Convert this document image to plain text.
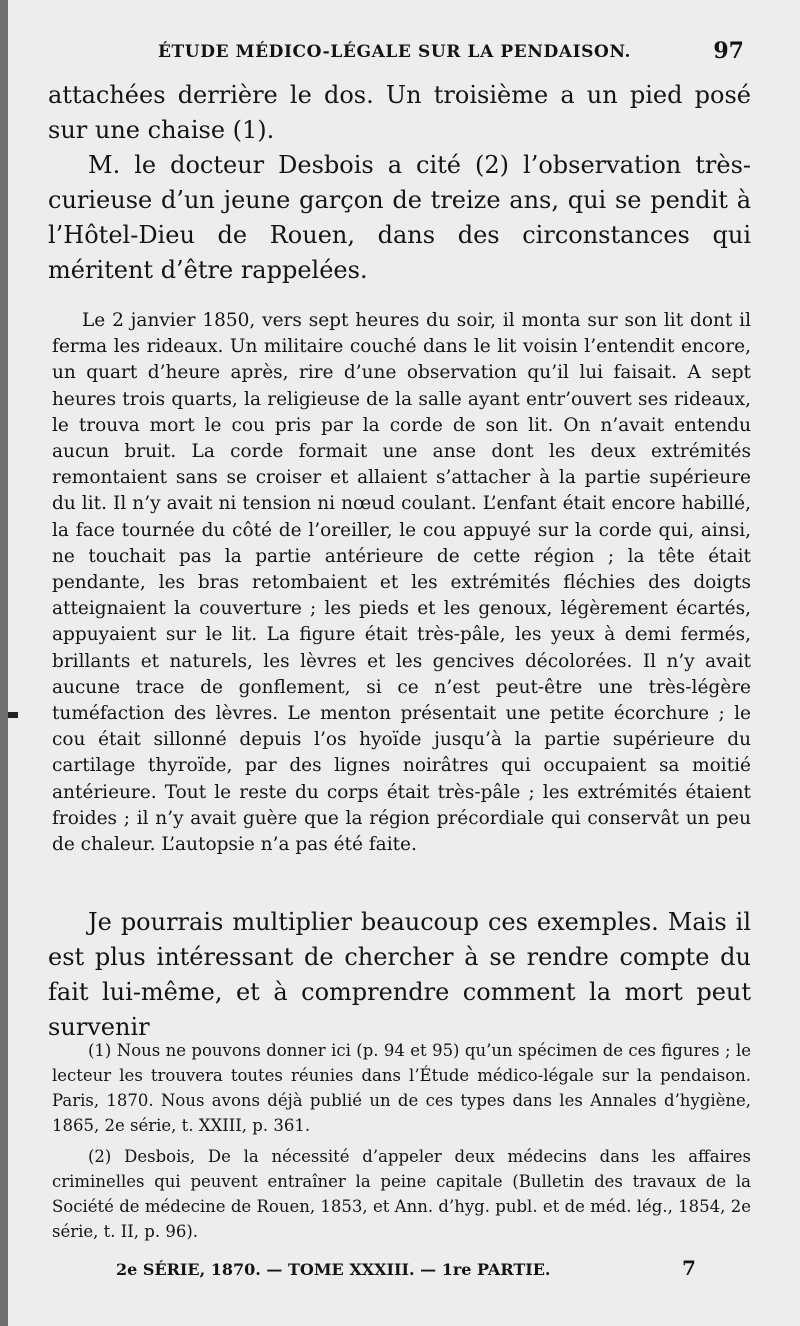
ÉTUDE MÉDICO-LÉGALE SUR LA PENDAISON.	97

attachées derrière le dos. Un troisième a un pied posé sur une chaise (1).

M. le docteur Desbois a cité (2) l’observation très-curieuse d’un jeune garçon de treize ans, qui se pendit à l’Hôtel-Dieu de Rouen, dans des circonstances qui méritent d’être rappelées.

Le 2 janvier 1850, vers sept heures du soir, il monta sur son lit dont il ferma les rideaux. Un militaire couché dans le lit voisin l’entendit encore, un quart d’heure après, rire d’une observation qu’il lui faisait. A sept heures trois quarts, la religieuse de la salle ayant entr’ouvert ses rideaux, le trouva mort le cou pris par la corde de son lit. On n’avait entendu aucun bruit. La corde formait une anse dont les deux extrémités remontaient sans se croiser et allaient s’attacher à la partie supérieure du lit. Il n’y avait ni tension ni nœud coulant. L’enfant était encore habillé, la face tournée du côté de l’oreiller, le cou appuyé sur la corde qui, ainsi, ne touchait pas la partie antérieure de cette région ; la tête était pendante, les bras retombaient et les extrémités fléchies des doigts atteignaient la couverture ; les pieds et les genoux, légèrement écartés, appuyaient sur le lit. La figure était très-pâle, les yeux à demi fermés, brillants et naturels, les lèvres et les gencives décolorées. Il n’y avait aucune trace de gonflement, si ce n’est peut-être une très-légère tuméfaction des lèvres. Le menton présentait une petite écorchure ; le cou était sillonné depuis l’os hyoïde jusqu’à la partie supérieure du cartilage thyroïde, par des lignes noirâtres qui occupaient sa moitié antérieure. Tout le reste du corps était très-pâle ; les extrémités étaient froides ; il n’y avait guère que la région précordiale qui conservât un peu de chaleur. L’autopsie n’a pas été faite.

Je pourrais multiplier beaucoup ces exemples. Mais il est plus intéressant de chercher à se rendre compte du fait lui-même, et à comprendre comment la mort peut survenir

(1) Nous ne pouvons donner ici (p. 94 et 95) qu’un spécimen de ces figures ; le lecteur les trouvera toutes réunies dans l’Étude médico-légale sur la pendaison. Paris, 1870. Nous avons déjà publié un de ces types dans les Annales d’hygiène, 1865, 2e série, t. XXIII, p. 361.

(2) Desbois, De la nécessité d’appeler deux médecins dans les affaires criminelles qui peuvent entraîner la peine capitale (Bulletin des travaux de la Société de médecine de Rouen, 1853, et Ann. d’hyg. publ. et de méd. lég., 1854, 2e série, t. II, p. 96).

2e SÉRIE, 1870. — TOME XXXIII. — 1re PARTIE.	7
